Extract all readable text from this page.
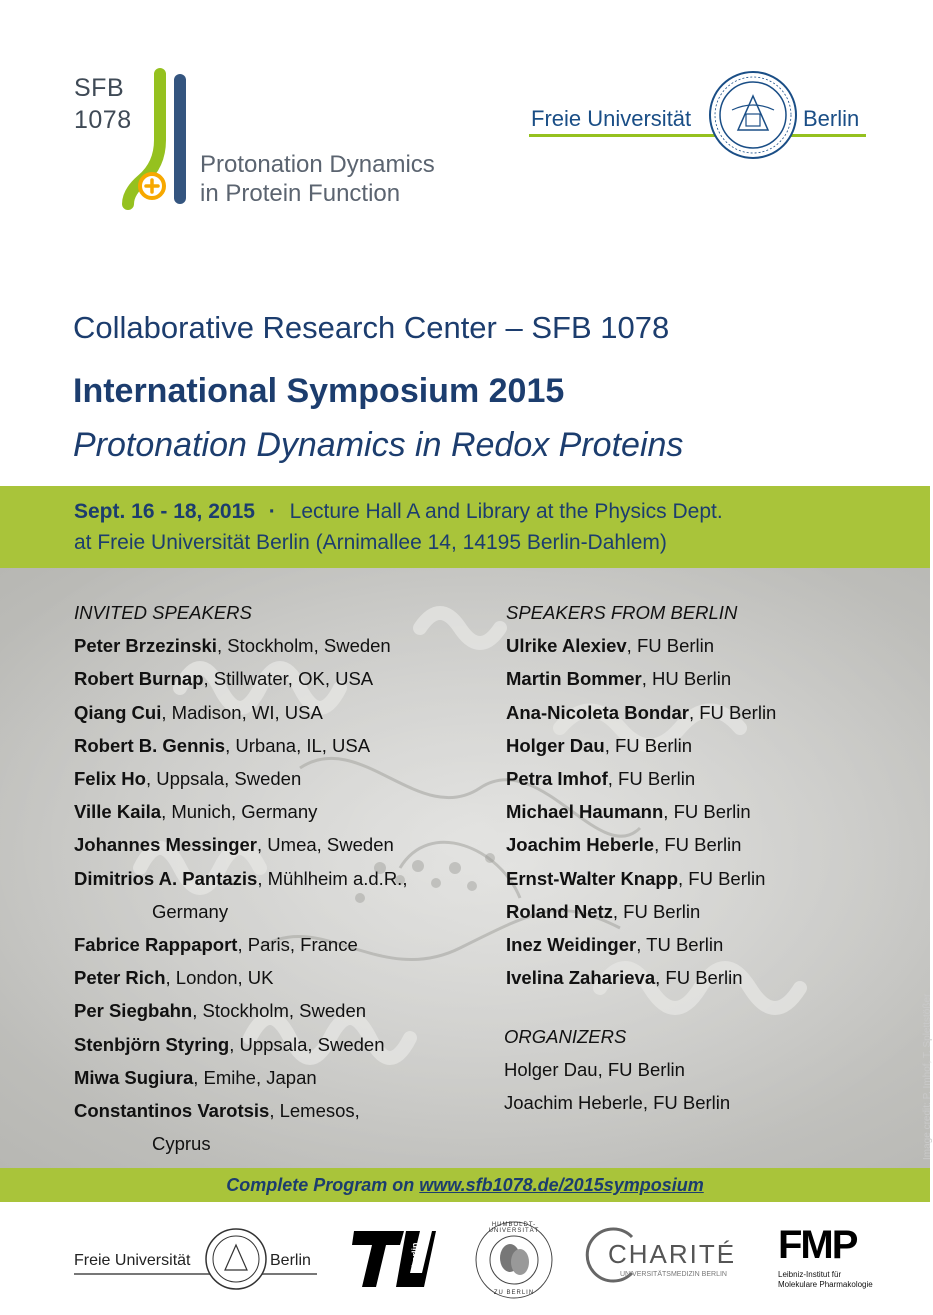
SFB
1078
Protonation Dynamics
in Protein Function
Freie Universität	Berlin
Collaborative Research Center – SFB 1078
International Symposium 2015
Protonation Dynamics in Redox Proteins
Sept. 16 - 18, 2015 · Lecture Hall A and Library at the Physics Dept.
at Freie Universität Berlin (Arnimallee 14, 14195 Berlin-Dahlem)
INVITED SPEAKERS
Peter Brzezinski, Stockholm, Sweden
Robert Burnap, Stillwater, OK, USA
Qiang Cui, Madison, WI, USA
Robert B. Gennis, Urbana, IL, USA
Felix Ho, Uppsala, Sweden
Ville Kaila, Munich, Germany
Johannes Messinger, Umea, Sweden
Dimitrios A. Pantazis, Mühlheim a.d.R.,
Germany
Fabrice Rappaport, Paris, France
Peter Rich, London, UK
Per Siegbahn, Stockholm, Sweden
Stenbjörn Styring, Uppsala, Sweden
Miwa Sugiura, Emihe, Japan
Constantinos Varotsis, Lemesos,
Cyprus
SPEAKERS FROM BERLIN
Ulrike Alexiev, FU Berlin
Martin Bommer, HU Berlin
Ana-Nicoleta Bondar, FU Berlin
Holger Dau, FU Berlin
Petra Imhof, FU Berlin
Michael Haumann, FU Berlin
Joachim Heberle, FU Berlin
Ernst-Walter Knapp, FU Berlin
Roland Netz, FU Berlin
Inez Weidinger, TU Berlin
Ivelina Zaharieva, FU Berlin
ORGANIZERS
Holger Dau, FU Berlin
Joachim Heberle, FU Berlin	Image credit: P. Imhof, T. Splettstößer
Complete Program on www.sfb1078.de/2015symposium
Freie Universität	Berlin	berlin
HUMBOLDT-UNIVERSITÄT
ZU BERLIN
CHARITÉ
UNIVERSITÄTSMEDIZIN BERLIN
FMP
Leibniz-Institut für
Molekulare Pharmakologie
